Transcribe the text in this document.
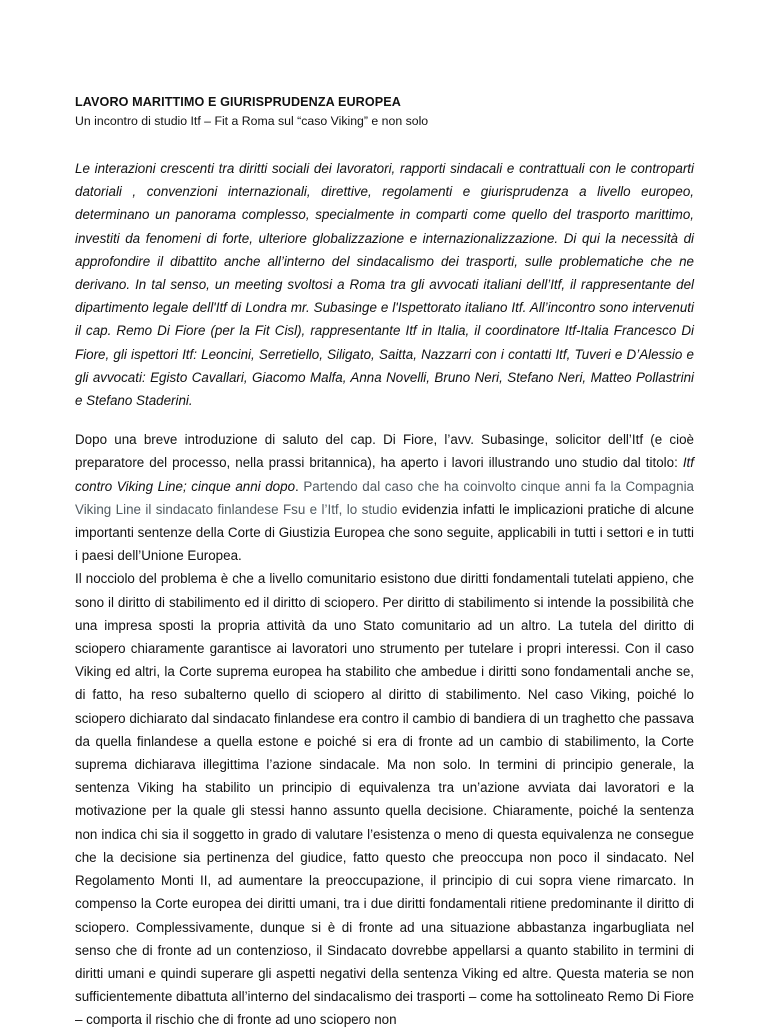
LAVORO MARITTIMO E GIURISPRUDENZA EUROPEA
Un incontro di studio Itf – Fit a Roma sul “caso Viking” e non solo

Le interazioni crescenti tra diritti sociali dei lavoratori, rapporti sindacali e contrattuali con le controparti datoriali , convenzioni internazionali, direttive, regolamenti e giurisprudenza a livello europeo, determinano un panorama complesso, specialmente in comparti come quello del trasporto marittimo, investiti da fenomeni di forte, ulteriore globalizzazione e internazionalizzazione. Di qui la necessità di approfondire il dibattito anche all’interno del sindacalismo dei trasporti, sulle problematiche che ne derivano. In tal senso, un meeting svoltosi a Roma tra gli avvocati italiani dell’Itf, il rappresentante del dipartimento legale dell'Itf di Londra mr. Subasinge e l'Ispettorato italiano Itf. All’incontro sono intervenuti il cap. Remo Di Fiore (per la Fit Cisl), rappresentante Itf in Italia, il coordinatore Itf-Italia Francesco Di Fiore, gli ispettori Itf: Leoncini, Serretiello, Siligato, Saitta, Nazzarri con i contatti Itf, Tuveri e D’Alessio e gli avvocati: Egisto Cavallari, Giacomo Malfa, Anna Novelli, Bruno Neri, Stefano Neri, Matteo Pollastrini e Stefano Staderini.

Dopo una breve introduzione di saluto del cap. Di Fiore, l’avv. Subasinge, solicitor dell’Itf (e cioè preparatore del processo, nella prassi britannica), ha aperto i lavori illustrando uno studio dal titolo: Itf contro Viking Line; cinque anni dopo. Partendo dal caso che ha coinvolto cinque anni fa la Compagnia Viking Line il sindacato finlandese Fsu e l’Itf, lo studio evidenzia infatti le implicazioni pratiche di alcune importanti sentenze della Corte di Giustizia Europea che sono seguite, applicabili in tutti i settori e in tutti i paesi dell’Unione Europea.

Il nocciolo del problema è che a livello comunitario esistono due diritti fondamentali tutelati appieno, che sono il diritto di stabilimento ed il diritto di sciopero. Per diritto di stabilimento si intende la possibilità che una impresa sposti la propria attività da uno Stato comunitario ad un altro. La tutela del diritto di sciopero chiaramente garantisce ai lavoratori uno strumento per tutelare i propri interessi. Con il caso Viking ed altri, la Corte suprema europea ha stabilito che ambedue i diritti sono fondamentali anche se, di fatto, ha reso subalterno quello di sciopero al diritto di stabilimento. Nel caso Viking, poiché lo sciopero dichiarato dal sindacato finlandese era contro il cambio di bandiera di un traghetto che passava da quella finlandese a quella estone e poiché si era di fronte ad un cambio di stabilimento, la Corte suprema dichiarava illegittima l’azione sindacale. Ma non solo. In termini di principio generale, la sentenza Viking ha stabilito un principio di equivalenza tra un’azione avviata dai lavoratori e la motivazione per la quale gli stessi hanno assunto quella decisione. Chiaramente, poiché la sentenza non indica chi sia il soggetto in grado di valutare l’esistenza o meno di questa equivalenza ne consegue che la decisione sia pertinenza del giudice, fatto questo che preoccupa non poco il sindacato. Nel Regolamento Monti II, ad aumentare la preoccupazione, il principio di cui sopra viene rimarcato. In compenso la Corte europea dei diritti umani, tra i due diritti fondamentali ritiene predominante il diritto di sciopero. Complessivamente, dunque si è di fronte ad una situazione abbastanza ingarbugliata nel senso che di fronte ad un contenzioso, il Sindacato dovrebbe appellarsi a quanto stabilito in termini di diritti umani e quindi superare gli aspetti negativi della sentenza Viking ed altre. Questa materia se non sufficientemente dibattuta all’interno del sindacalismo dei trasporti – come ha sottolineato Remo Di Fiore – comporta il rischio che di fronte ad uno sciopero non
